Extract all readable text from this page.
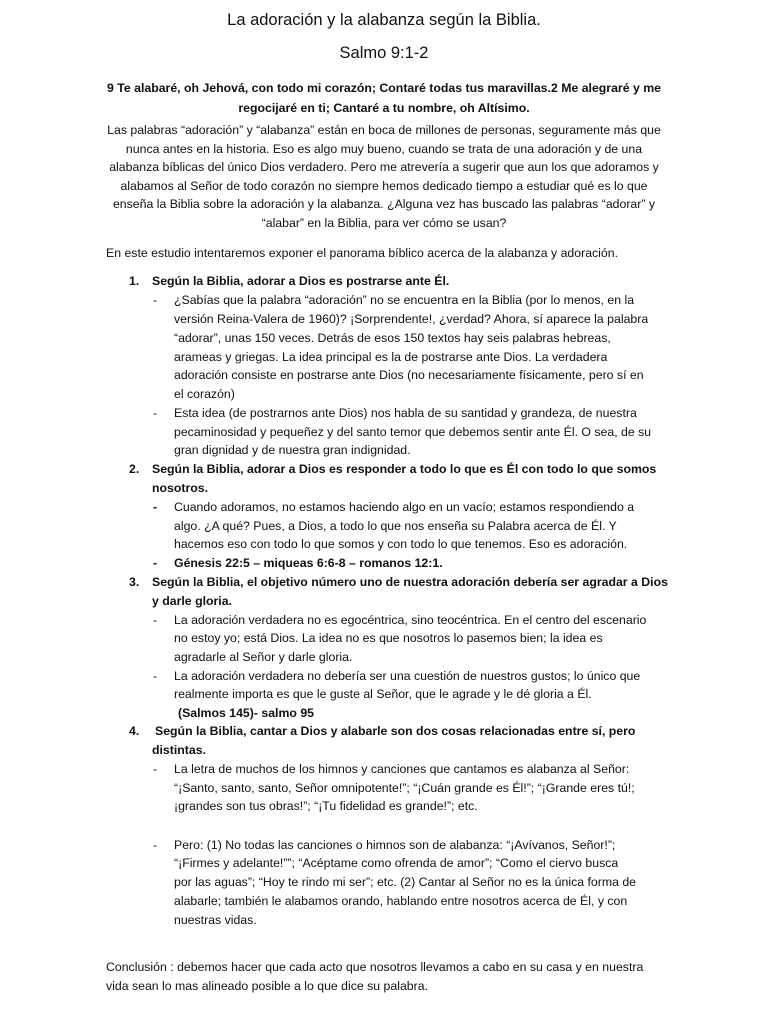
La adoración y la alabanza según la Biblia.
Salmo 9:1-2
9 Te alabaré, oh Jehová, con todo mi corazón; Contaré todas tus maravillas.2 Me alegraré y me regocijaré en ti; Cantaré a tu nombre, oh Altísimo.
Las palabras “adoración” y “alabanza” están en boca de millones de personas, seguramente más que nunca antes en la historia. Eso es algo muy bueno, cuando se trata de una adoración y de una alabanza bíblicas del único Dios verdadero. Pero me atrevería a sugerir que aun los que adoramos y alabamos al Señor de todo corazón no siempre hemos dedicado tiempo a estudiar qué es lo que enseña la Biblia sobre la adoración y la alabanza. ¿Alguna vez has buscado las palabras “adorar” y “alabar” en la Biblia, para ver cómo se usan?
En este estudio intentaremos exponer el panorama bíblico acerca de la alabanza y adoración.
1.
2.
3.
4.
-
-
-
-
-
-
-
-
Según la Biblia, adorar a Dios es postrarse ante Él.
¿Sabías que la palabra “adoración” no se encuentra en la Biblia (por lo menos, en la
versión Reina-Valera de 1960)? ¡Sorprendente!, ¿verdad? Ahora, sí aparece la palabra
“adorar”, unas 150 veces. Detrás de esos 150 textos hay seis palabras hebreas,
arameas y griegas. La idea principal es la de postrarse ante Dios. La verdadera
adoración consiste en postrarse ante Dios (no necesariamente físicamente, pero sí en
el corazón)
Esta idea (de postrarnos ante Dios) nos habla de su santidad y grandeza, de nuestra
pecaminosidad y pequeñez y del santo temor que debemos sentir ante Él. O sea, de su
gran dignidad y de nuestra gran indignidad.
Según la Biblia, adorar a Dios es responder a todo lo que es Él con todo lo que somos
nosotros.
Cuando adoramos, no estamos haciendo algo en un vacío; estamos respondiendo a
algo. ¿A qué? Pues, a Dios, a todo lo que nos enseña su Palabra acerca de Él. Y
hacemos eso con todo lo que somos y con todo lo que tenemos. Eso es adoración.
Génesis 22:5 – miqueas 6:6-8 – romanos 12:1.
Según la Biblia, el objetivo número uno de nuestra adoración debería ser agradar a Dios
y darle gloria.
La adoración verdadera no es egocéntrica, sino teocéntrica. En el centro del escenario
no estoy yo; está Dios. La idea no es que nosotros lo pasemos bien; la idea es
agradarle al Señor y darle gloria.
La adoración verdadera no debería ser una cuestión de nuestros gustos; lo único que
realmente importa es que le guste al Señor, que le agrade y le dé gloria a Él.
(Salmos 145)- salmo 95
Según la Biblia, cantar a Dios y alabarle son dos cosas relacionadas entre sí, pero
distintas.
La letra de muchos de los himnos y canciones que cantamos es alabanza al Señor:
“¡Santo, santo, santo, Señor omnipotente!”; “¡Cuán grande es Él!”; “¡Grande eres tú!;
¡grandes son tus obras!”; “¡Tu fidelidad es grande!”; etc.
Pero: (1) No todas las canciones o himnos son de alabanza: “¡Avívanos, Señor!”;
“¡Firmes y adelante!””; “Acéptame como ofrenda de amor”; “Como el ciervo busca
por las aguas”; “Hoy te rindo mi ser”; etc. (2) Cantar al Señor no es la única forma de
alabarle; también le alabamos orando, hablando entre nosotros acerca de Él, y con
nuestras vidas.
Conclusión : debemos hacer que cada acto que nosotros llevamos a cabo en su casa y en nuestra vida sean lo mas alineado posible a lo que dice su palabra.
